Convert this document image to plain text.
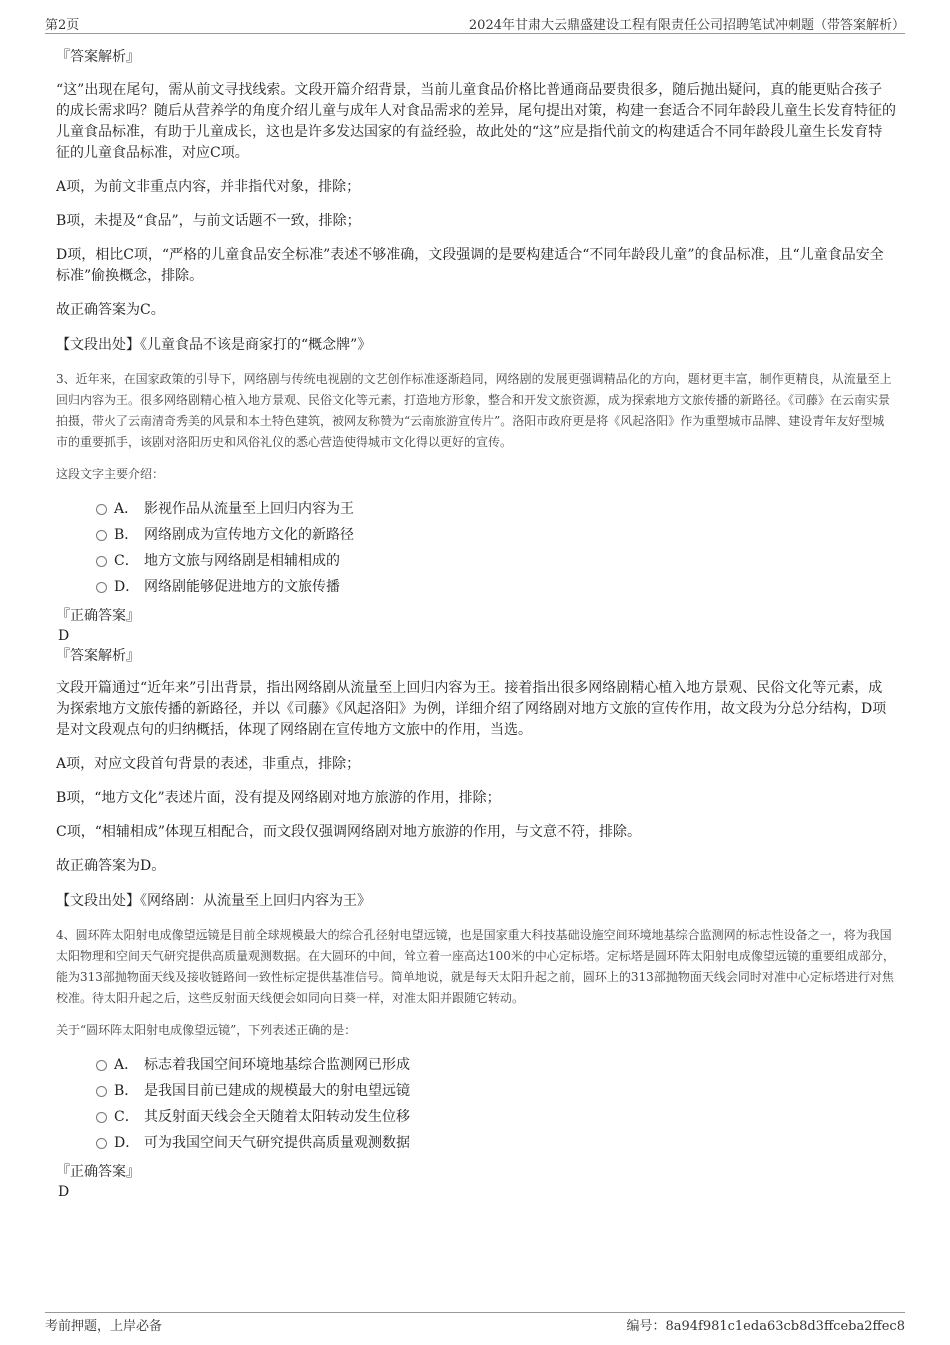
第2页	2024年甘肃大云鼎盛建设工程有限责任公司招聘笔试冲刺题（带答案解析）
『答案解析』

“这”出现在尾句，需从前文寻找线索。文段开篇介绍背景，当前儿童食品价格比普通商品要贵很多，随后抛出疑问，真的能更贴合孩子的成长需求吗？随后从营养学的角度介绍儿童与成年人对食品需求的差异，尾句提出对策，构建一套适合不同年龄段儿童生长发育特征的儿童食品标准，有助于儿童成长，这也是许多发达国家的有益经验，故此处的“这”应是指代前文的构建适合不同年龄段儿童生长发育特征的儿童食品标准，对应C项。

A项，为前文非重点内容，并非指代对象，排除；

B项，未提及“食品”，与前文话题不一致，排除；

D项，相比C项，“严格的儿童食品安全标准”表述不够准确，文段强调的是要构建适合“不同年龄段儿童”的食品标准，且“儿童食品安全标准”偷换概念，排除。

故正确答案为C。

【文段出处】《儿童食品不该是商家打的“概念牌”》

3、近年来，在国家政策的引导下，网络剧与传统电视剧的文艺创作标准逐渐趋同，网络剧的发展更强调精品化的方向，题材更丰富，制作更精良，从流量至上回归内容为王。很多网络剧精心植入地方景观、民俗文化等元素，打造地方形象，整合和开发文旅资源，成为探索地方文旅传播的新路径。《司藤》在云南实景拍摄，带火了云南清奇秀美的风景和本土特色建筑，被网友称赞为“云南旅游宣传片”。洛阳市政府更是将《风起洛阳》作为重塑城市品牌、建设青年友好型城市的重要抓手，该剧对洛阳历史和风俗礼仪的悉心营造使得城市文化得以更好的宣传。

这段文字主要介绍：

A． 影视作品从流量至上回归内容为王
B． 网络剧成为宣传地方文化的新路径
C． 地方文旅与网络剧是相辅相成的
D． 网络剧能够促进地方的文旅传播
『正确答案』
D
『答案解析』

文段开篇通过“近年来”引出背景，指出网络剧从流量至上回归内容为王。接着指出很多网络剧精心植入地方景观、民俗文化等元素，成为探索地方文旅传播的新路径，并以《司藤》《风起洛阳》为例，详细介绍了网络剧对地方文旅的宣传作用，故文段为分总分结构，D项是对文段观点句的归纳概括，体现了网络剧在宣传地方文旅中的作用，当选。

A项，对应文段首句背景的表述，非重点，排除；

B项，“地方文化”表述片面，没有提及网络剧对地方旅游的作用，排除；

C项，“相辅相成”体现互相配合，而文段仅强调网络剧对地方旅游的作用，与文意不符，排除。

故正确答案为D。

【文段出处】《网络剧：从流量至上回归内容为王》

4、圆环阵太阳射电成像望远镜是目前全球规模最大的综合孔径射电望远镜，也是国家重大科技基础设施空间环境地基综合监测网的标志性设备之一，将为我国太阳物理和空间天气研究提供高质量观测数据。在大圆环的中间，耸立着一座高达100米的中心定标塔。定标塔是圆环阵太阳射电成像望远镜的重要组成部分，能为313部抛物面天线及接收链路间一致性标定提供基准信号。简单地说，就是每天太阳升起之前，圆环上的313部抛物面天线会同时对准中心定标塔进行对焦校准。待太阳升起之后，这些反射面天线便会如同向日葵一样，对准太阳并跟随它转动。

关于“圆环阵太阳射电成像望远镜”，下列表述正确的是：

A． 标志着我国空间环境地基综合监测网已形成
B． 是我国目前已建成的规模最大的射电望远镜
C． 其反射面天线会全天随着太阳转动发生位移
D． 可为我国空间天气研究提供高质量观测数据
『正确答案』
D
考前押题，上岸必备	编号：8a94f981c1eda63cb8d3ffceba2ffec8
